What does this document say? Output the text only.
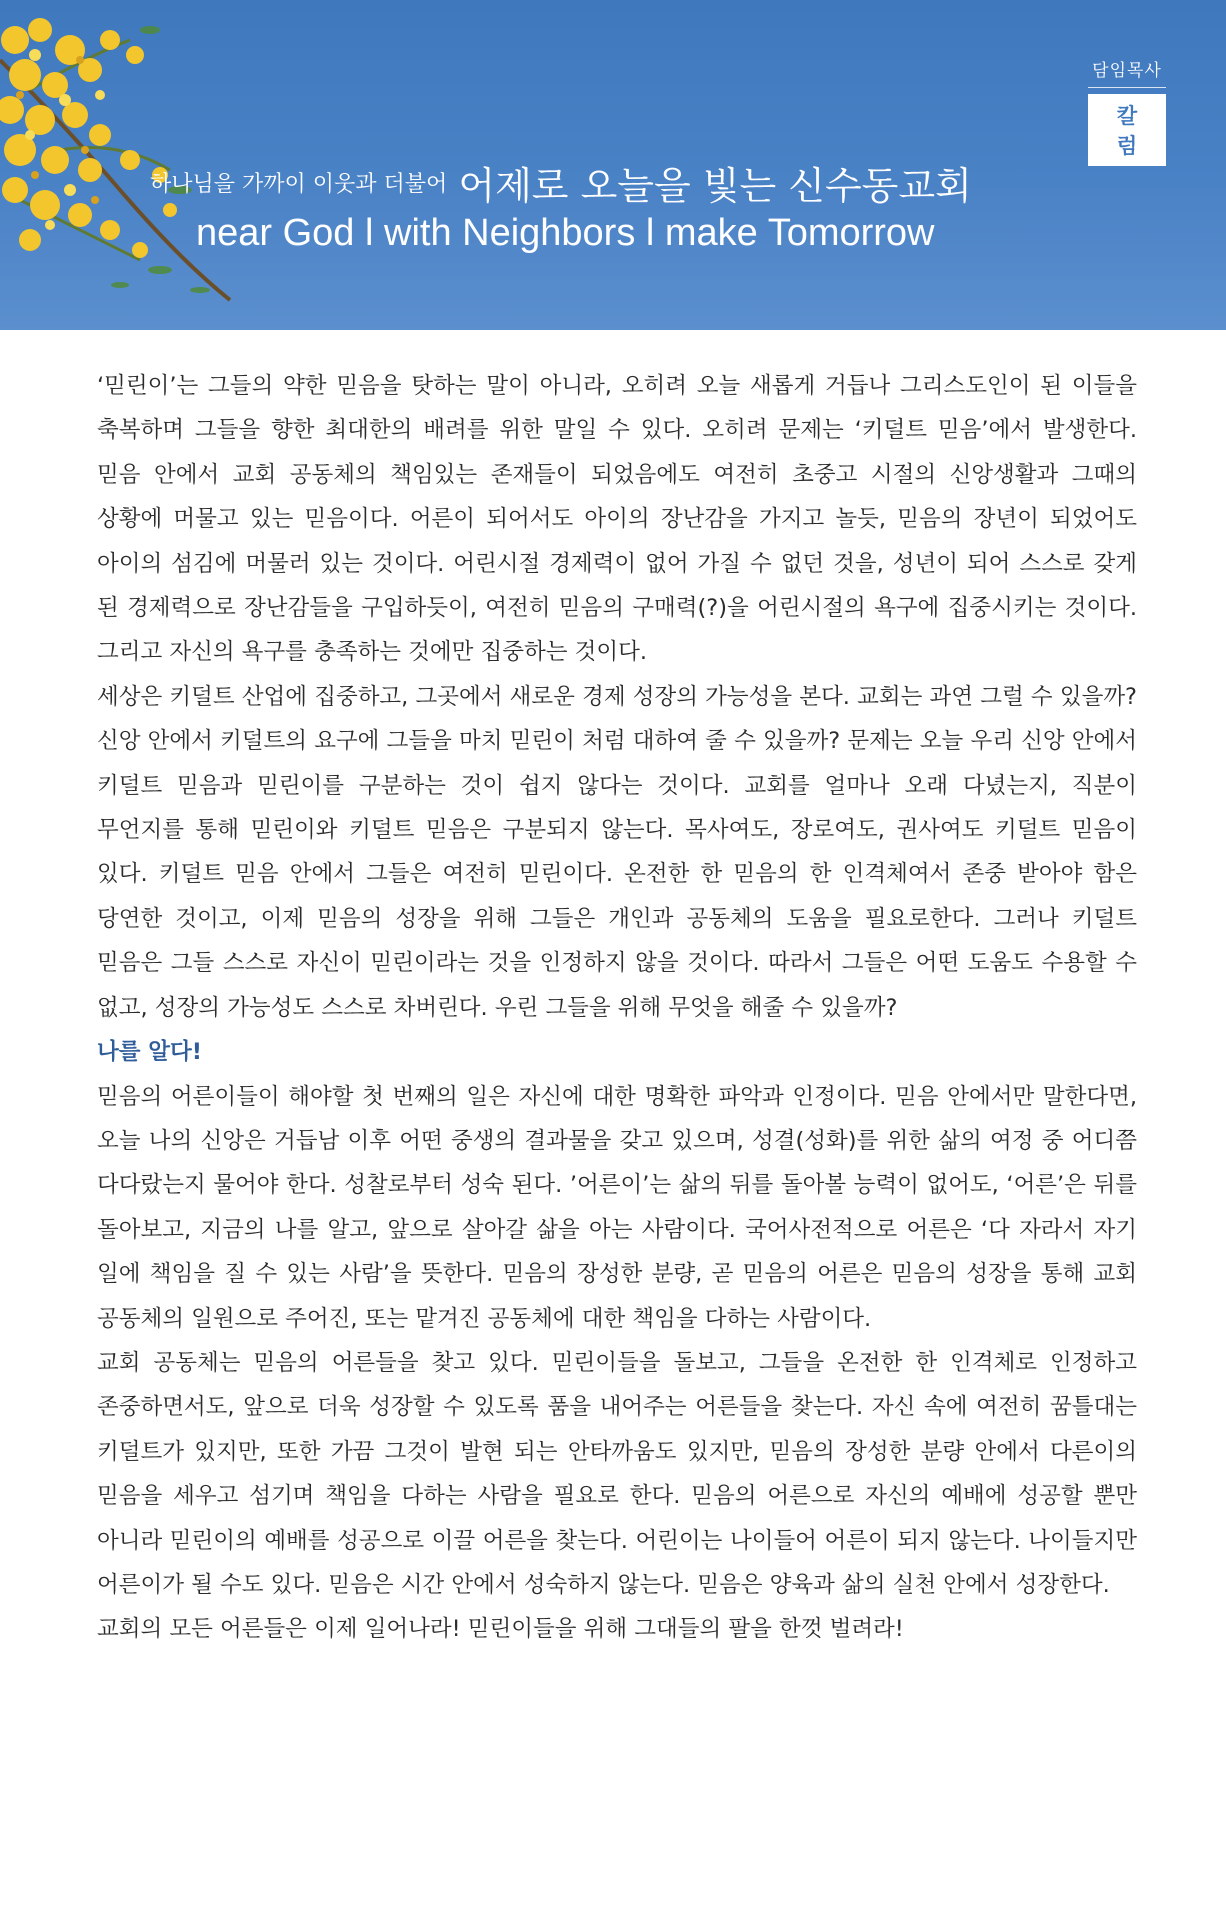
담임목사
칼 럼
하나님을 가까이 이웃과 더불어 어제로 오늘을 빛는 신수동교회
near God l with Neighbors l make Tomorrow

‘믿린이’는 그들의 약한 믿음을 탓하는 말이 아니라, 오히려 오늘 새롭게 거듭나 그리스도인이 된 이들을 축복하며 그들을 향한 최대한의 배려를 위한 말일 수 있다. 오히려 문제는 ‘키덜트 믿음’에서 발생한다. 믿음 안에서 교회 공동체의 책임있는 존재들이 되었음에도 여전히 초중고 시절의 신앙생활과 그때의 상황에 머물고 있는 믿음이다. 어른이 되어서도 아이의 장난감을 가지고 놀듯, 믿음의 장년이 되었어도 아이의 섬김에 머물러 있는 것이다. 어린시절 경제력이 없어 가질 수 없던 것을, 성년이 되어 스스로 갖게 된 경제력으로 장난감들을 구입하듯이, 여전히 믿음의 구매력(?)을 어린시절의 욕구에 집중시키는 것이다. 그리고 자신의 욕구를 충족하는 것에만 집중하는 것이다.

세상은 키덜트 산업에 집중하고, 그곳에서 새로운 경제 성장의 가능성을 본다. 교회는 과연 그럴 수 있을까? 신앙 안에서 키덜트의 요구에 그들을 마치 믿린이 처럼 대하여 줄 수 있을까? 문제는 오늘 우리 신앙 안에서 키덜트 믿음과 믿린이를 구분하는 것이 쉽지 않다는 것이다. 교회를 얼마나 오래 다녔는지, 직분이 무언지를 통해 믿린이와 키덜트 믿음은 구분되지 않는다. 목사여도, 장로여도, 권사여도 키덜트 믿음이 있다. 키덜트 믿음 안에서 그들은 여전히 믿린이다. 온전한 한 믿음의 한 인격체여서 존중 받아야 함은 당연한 것이고, 이제 믿음의 성장을 위해 그들은 개인과 공동체의 도움을 필요로한다. 그러나 키덜트 믿음은 그들 스스로 자신이 믿린이라는 것을 인정하지 않을 것이다. 따라서 그들은 어떤 도움도 수용할 수 없고, 성장의 가능성도 스스로 차버린다. 우린 그들을 위해 무엇을 해줄 수 있을까?

나를 알다!

믿음의 어른이들이 해야할 첫 번째의 일은 자신에 대한 명확한 파악과 인정이다. 믿음 안에서만 말한다면, 오늘 나의 신앙은 거듭남 이후 어떤 중생의 결과물을 갖고 있으며, 성결(성화)를 위한 삶의 여정 중 어디쯤 다다랐는지 물어야 한다. 성찰로부터 성숙 된다. ’어른이’는 삶의 뒤를 돌아볼 능력이 없어도, ‘어른’은 뒤를 돌아보고, 지금의 나를 알고, 앞으로 살아갈 삶을 아는 사람이다. 국어사전적으로 어른은 ‘다 자라서 자기 일에 책임을 질 수 있는 사람’을 뜻한다. 믿음의 장성한 분량, 곧 믿음의 어른은 믿음의 성장을 통해 교회 공동체의 일원으로 주어진, 또는 맡겨진 공동체에 대한 책임을 다하는 사람이다.

교회 공동체는 믿음의 어른들을 찾고 있다. 믿린이들을 돌보고, 그들을 온전한 한 인격체로 인정하고 존중하면서도, 앞으로 더욱 성장할 수 있도록 품을 내어주는 어른들을 찾는다. 자신 속에 여전히 꿈틀대는 키덜트가 있지만, 또한 가끔 그것이 발현 되는 안타까움도 있지만, 믿음의 장성한 분량 안에서 다른이의 믿음을 세우고 섬기며 책임을 다하는 사람을 필요로 한다. 믿음의 어른으로 자신의 예배에 성공할 뿐만 아니라 믿린이의 예배를 성공으로 이끌 어른을 찾는다. 어린이는 나이들어 어른이 되지 않는다. 나이들지만 어른이가 될 수도 있다. 믿음은 시간 안에서 성숙하지 않는다. 믿음은 양육과 삶의 실천 안에서 성장한다.

교회의 모든 어른들은 이제 일어나라! 믿린이들을 위해 그대들의 팔을 한껏 벌려라!
